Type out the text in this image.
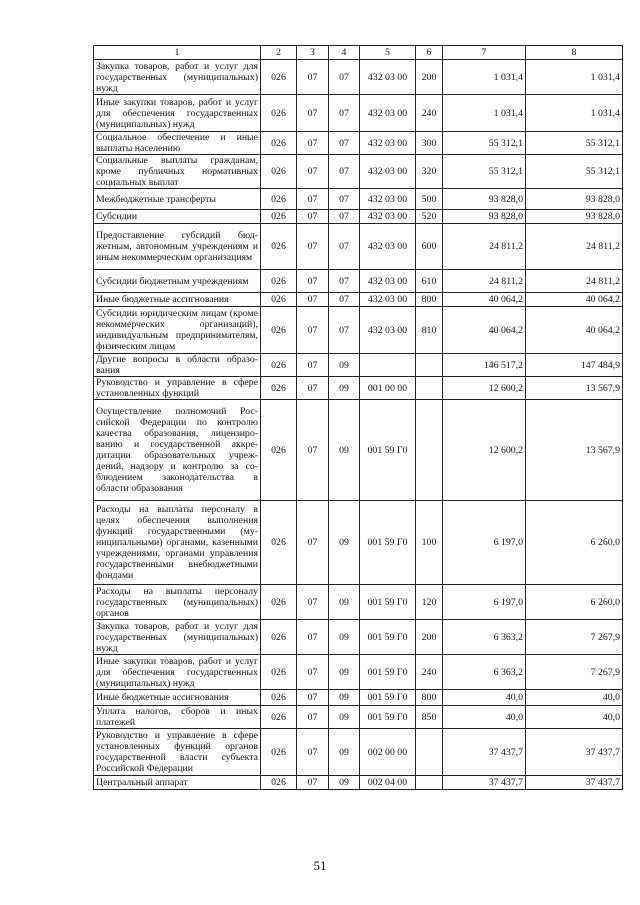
1	2	3	4	5	6	7	8
Закупка товаров, работ и услуг для государственных (муниципальных) нужд	026	07	07	432 03 00	200	1 031,4	1 031,4
Иные закупки товаров, работ и услуг для обеспечения государственных (муниципальных) нужд	026	07	07	432 03 00	240	1 031,4	1 031,4
Социальное обеспечение и иные выплаты населению	026	07	07	432 03 00	300	55 312,1	55 312,1
Социальные выплаты гражданам, кроме публичных нормативных социальных выплат	026	07	07	432 03 00	320	55 312,1	55 312,1
Межбюджетные трансферты	026	07	07	432 03 00	500	93 828,0	93 828,0
Субсидии	026	07	07	432 03 00	520	93 828,0	93 828,0
Предоставление субсидий бюджетным, автономным учреждениям и иным некоммерческим организациям	026	07	07	432 03 00	600	24 811,2	24 811,2
Субсидии бюджетным учреждениям	026	07	07	432 03 00	610	24 811,2	24 811,2
Иные бюджетные ассигнования	026	07	07	432 03 00	800	40 064,2	40 064,2
Субсидии юридическим лицам (кроме некоммерческих организаций), индивидуальным предпринимателям, физическим лицам	026	07	07	432 03 00	810	40 064,2	40 064,2
Другие вопросы в области образования	026	07	09			146 517,2	147 484,9
Руководство и управление в сфере установленных функций	026	07	09	001 00 00		12 600,2	13 567,9
Осуществление полномочий Российской Федерации по контролю качества образования, лицензированию и государственной аккредитации образовательных учреждений, надзору и контролю за соблюдением законодательства в области образования	026	07	09	001 59 Г0		12 600,2	13 567,9
Расходы на выплаты персоналу в целях обеспечения выполнения функций государственными (муниципальными) органами, казенными учреждениями, органами управления государственными внебюджетными фондами	026	07	09	001 59 Г0	100	6 197,0	6 260,0
Расходы на выплаты персоналу государственных (муниципальных) органов	026	07	09	001 59 Г0	120	6 197,0	6 260,0
Закупка товаров, работ и услуг для государственных (муниципальных) нужд	026	07	09	001 59 Г0	200	6 363,2	7 267,9
Иные закупки товаров, работ и услуг для обеспечения государственных (муниципальных) нужд	026	07	09	001 59 Г0	240	6 363,2	7 267,9
Иные бюджетные ассигнования	026	07	09	001 59 Г0	800	40,0	40,0
Уплата налогов, сборов и иных платежей	026	07	09	001 59 Г0	850	40,0	40,0
Руководство и управление в сфере установленных функций органов государственной власти субъекта Российской Федерации	026	07	09	002 00 00		37 437,7	37 437,7
Центральный аппарат	026	07	09	002 04 00		37 437,7	37 437,7
51
